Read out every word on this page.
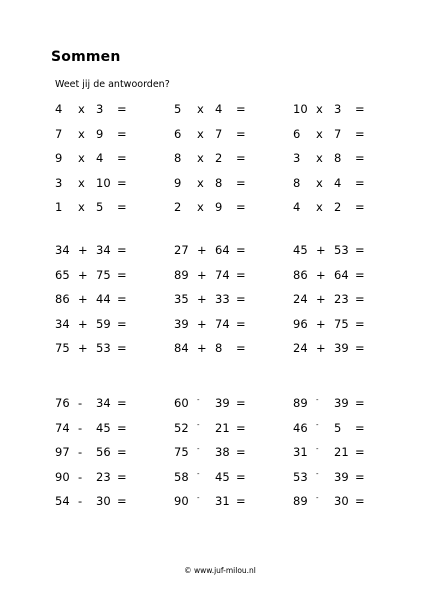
Sommen
Weet jij de antwoorden?
4 x 3 =	5 x 4 =	10 x 3 =
7 x 9 =	6 x 7 =	6 x 7 =
9 x 4 =	8 x 2 =	3 x 8 =
3 x 10 =	9 x 8 =	8 x 4 =
1 x 5 =	2 x 9 =	4 x 2 =
34 + 34 =	27 + 64 =	45 + 53 =
65 + 75 =	89 + 74 =	86 + 64 =
86 + 44 =	35 + 33 =	24 + 23 =
34 + 59 =	39 + 74 =	96 + 75 =
75 + 53 =	84 + 8 =	24 + 39 =
76 - 34 =	60 - 39 =	89 - 39 =
74 - 45 =	52 - 21 =	46 - 5 =
97 - 56 =	75 - 38 =	31 - 21 =
90 - 23 =	58 - 45 =	53 - 39 =
54 - 30 =	90 - 31 =	89 - 30 =
© www.juf-milou.nl
